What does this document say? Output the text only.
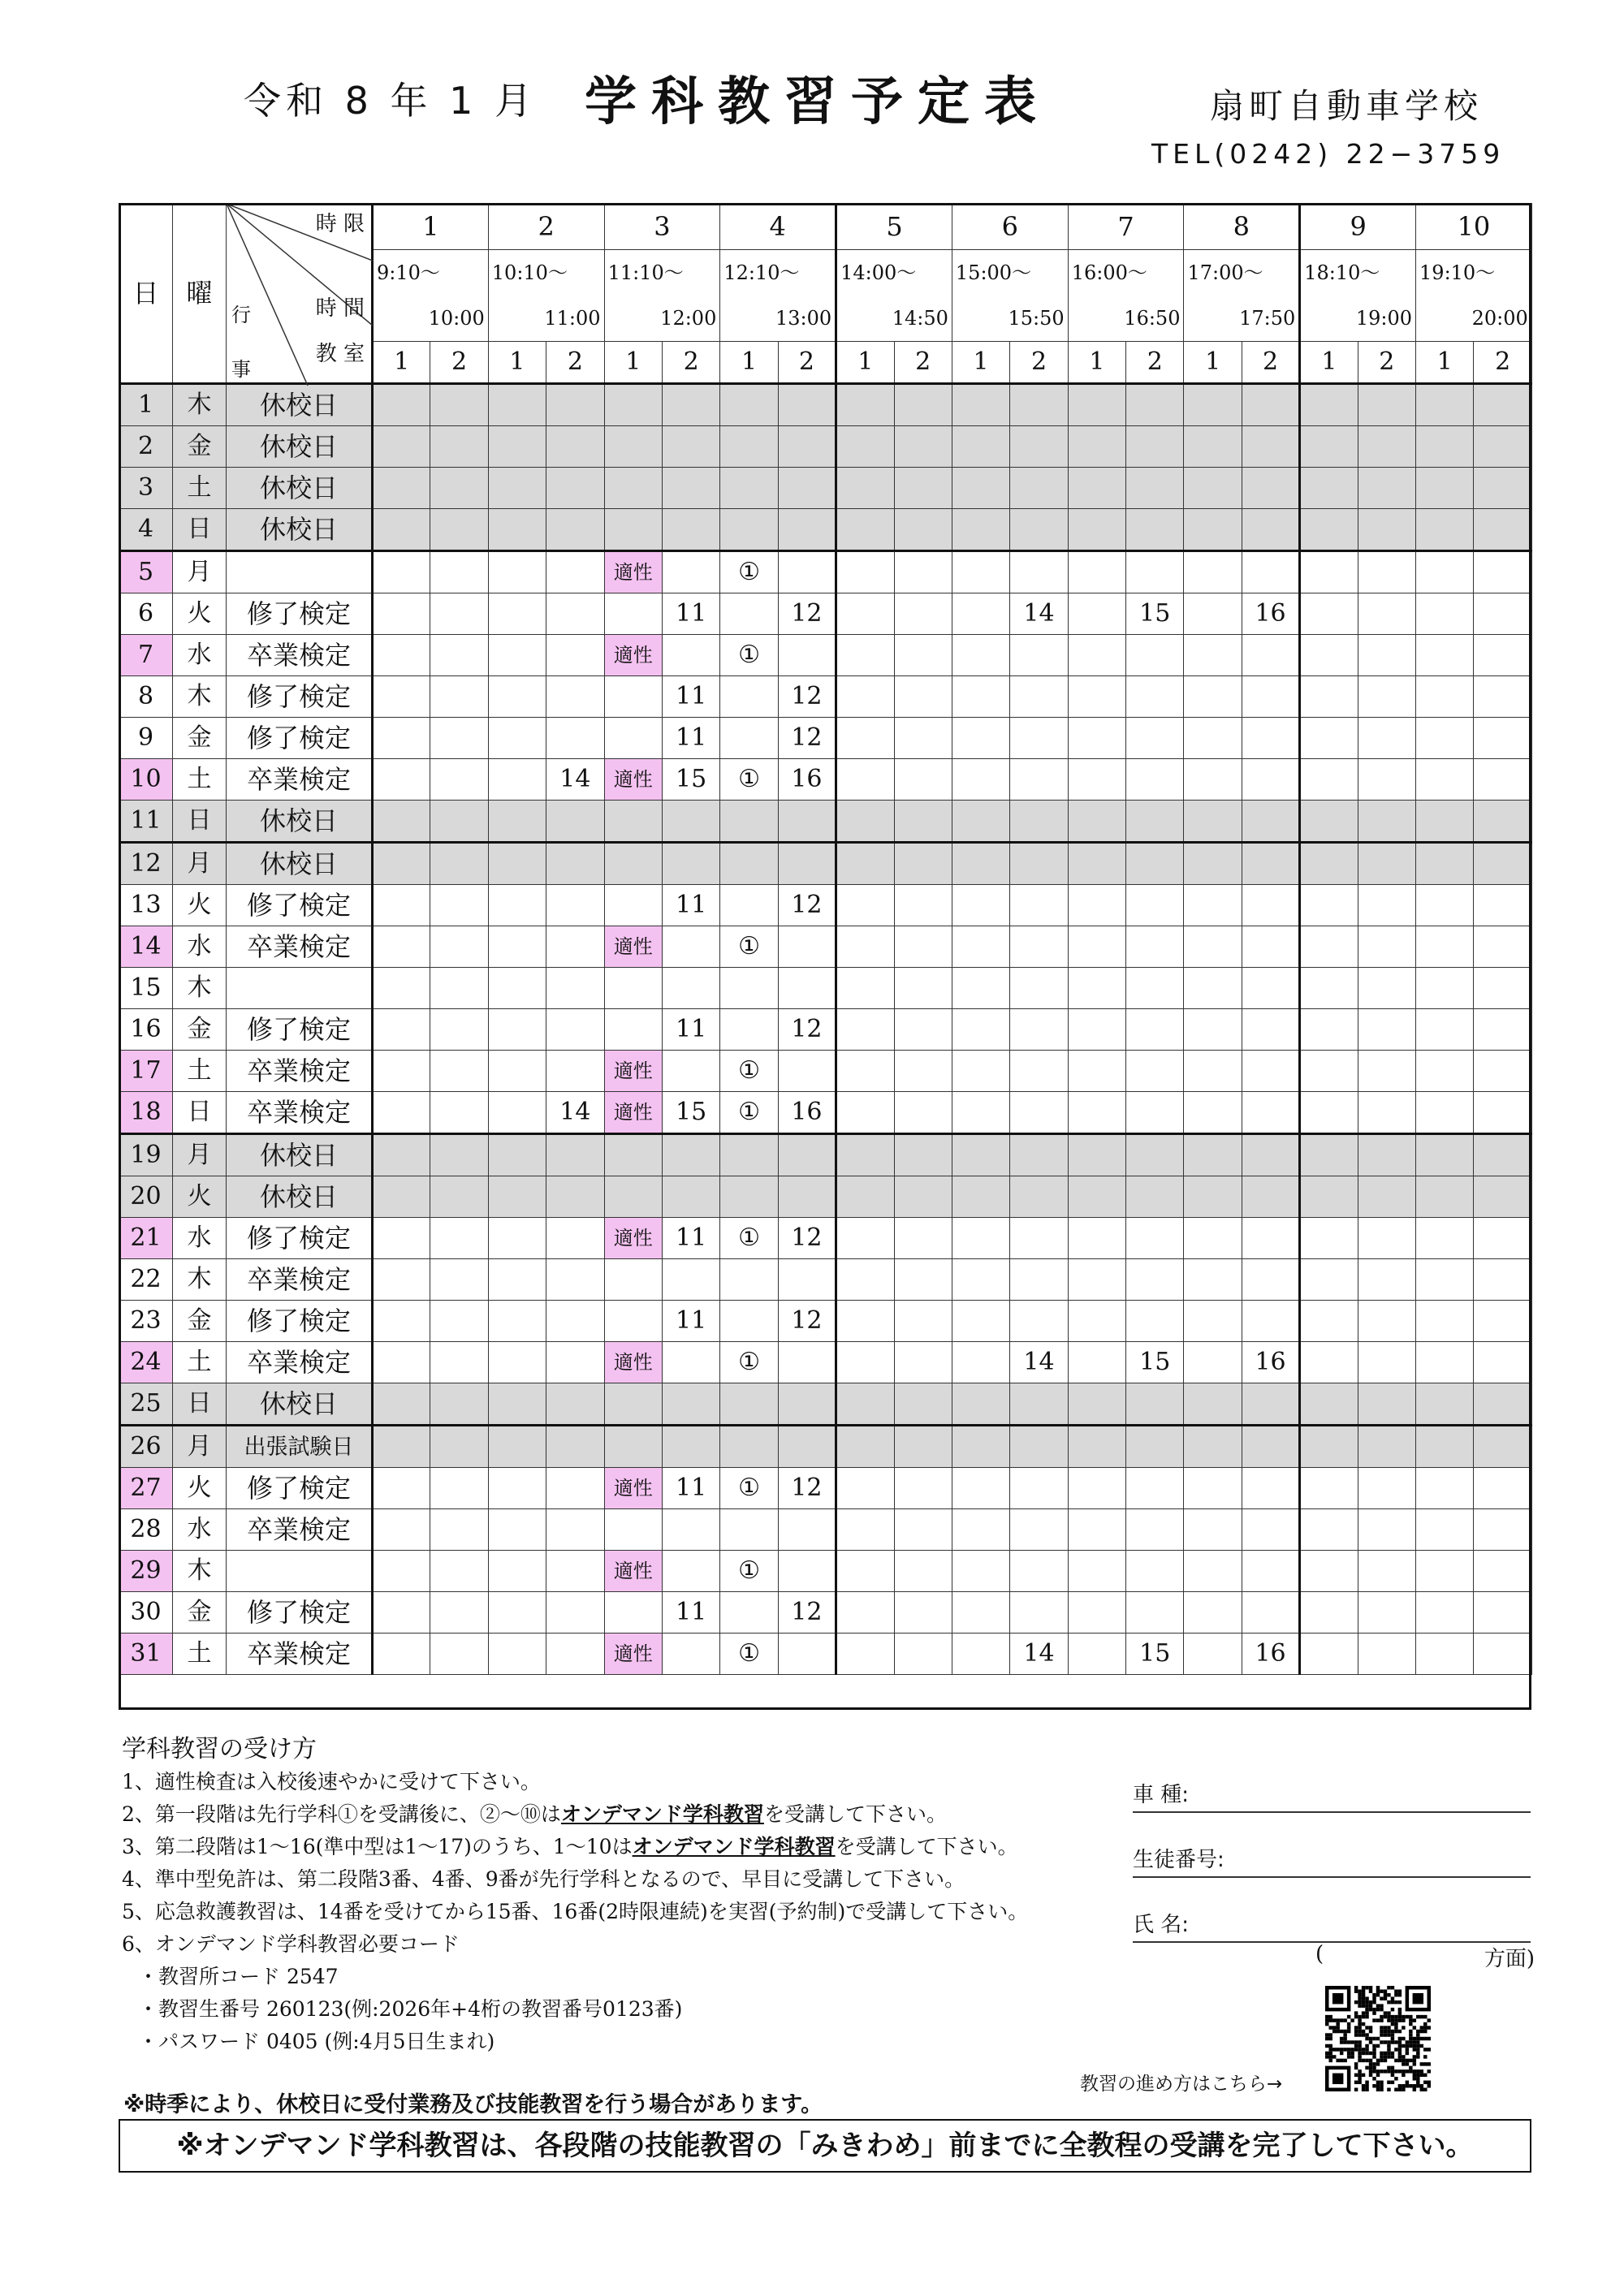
令和 8 年 1 月 学科教習予定表	扇町自動車学校
TEL(0242) 22−3759
日	曜	時 限
時 間
教 室
行
事	1		2		3		4		5		6		7		8		9		10	
			9:10〜		10:10〜		11:10〜		12:10〜		14:00〜		15:00〜		16:00〜		17:00〜		18:10〜		19:10〜	
			10:00		11:00		12:00		13:00		14:50		15:50		16:50		17:50		19:00		20:00	
			1	2	1	2	1	2	1	2	1	2	1	2	1	2	1	2	1	2	1	2
1	木	休校日																				
2	金	休校日																				
3	土	休校日																				
4	日	休校日																				
5	月						適性		①													
6	火	修了検定						11		12				14		15		16				
7	水	卒業検定					適性		①													
8	木	修了検定						11		12												
9	金	修了検定						11		12												
10	土	卒業検定				14	適性	15	①	16												
11	日	休校日																				
12	月	休校日																				
13	火	修了検定						11		12												
14	水	卒業検定					適性		①													
15	木																					
16	金	修了検定						11		12												
17	土	卒業検定					適性		①													
18	日	卒業検定				14	適性	15	①	16												
19	月	休校日																				
20	火	休校日																				
21	水	修了検定					適性	11	①	12												
22	木	卒業検定																				
23	金	修了検定						11		12												
24	土	卒業検定					適性		①					14		15		16				
25	日	休校日																				
26	月	出張試験日																				
27	火	修了検定					適性	11	①	12												
28	水	卒業検定																				
29	木						適性		①													
30	金	修了検定						11		12												
31	土	卒業検定					適性		①					14		15		16				
学科教習の受け方
1、適性検査は入校後速やかに受けて下さい。
2、第一段階は先行学科①を受講後に、②〜⑩はオンデマンド学科教習を受講して下さい。
3、第二段階は1〜16(準中型は1〜17)のうち、1〜10はオンデマンド学科教習を受講して下さい。
4、準中型免許は、第二段階3番、4番、9番が先行学科となるので、早目に受講して下さい。
5、応急救護教習は、14番を受けてから15番、16番(2時限連続)を実習(予約制)で受講して下さい。
6、オンデマンド学科教習必要コード
・教習所コード 2547
・教習生番号 260123(例:2026年+4桁の教習番号0123番)
・パスワード 0405 (例:4月5日生まれ)
※時季により、休校日に受付業務及び技能教習を行う場合があります。
車 種:
生徒番号:
氏 名:
(	方面)
教習の進め方はこちら→
※オンデマンド学科教習は、各段階の技能教習の「みきわめ」前までに全教程の受講を完了して下さい。
